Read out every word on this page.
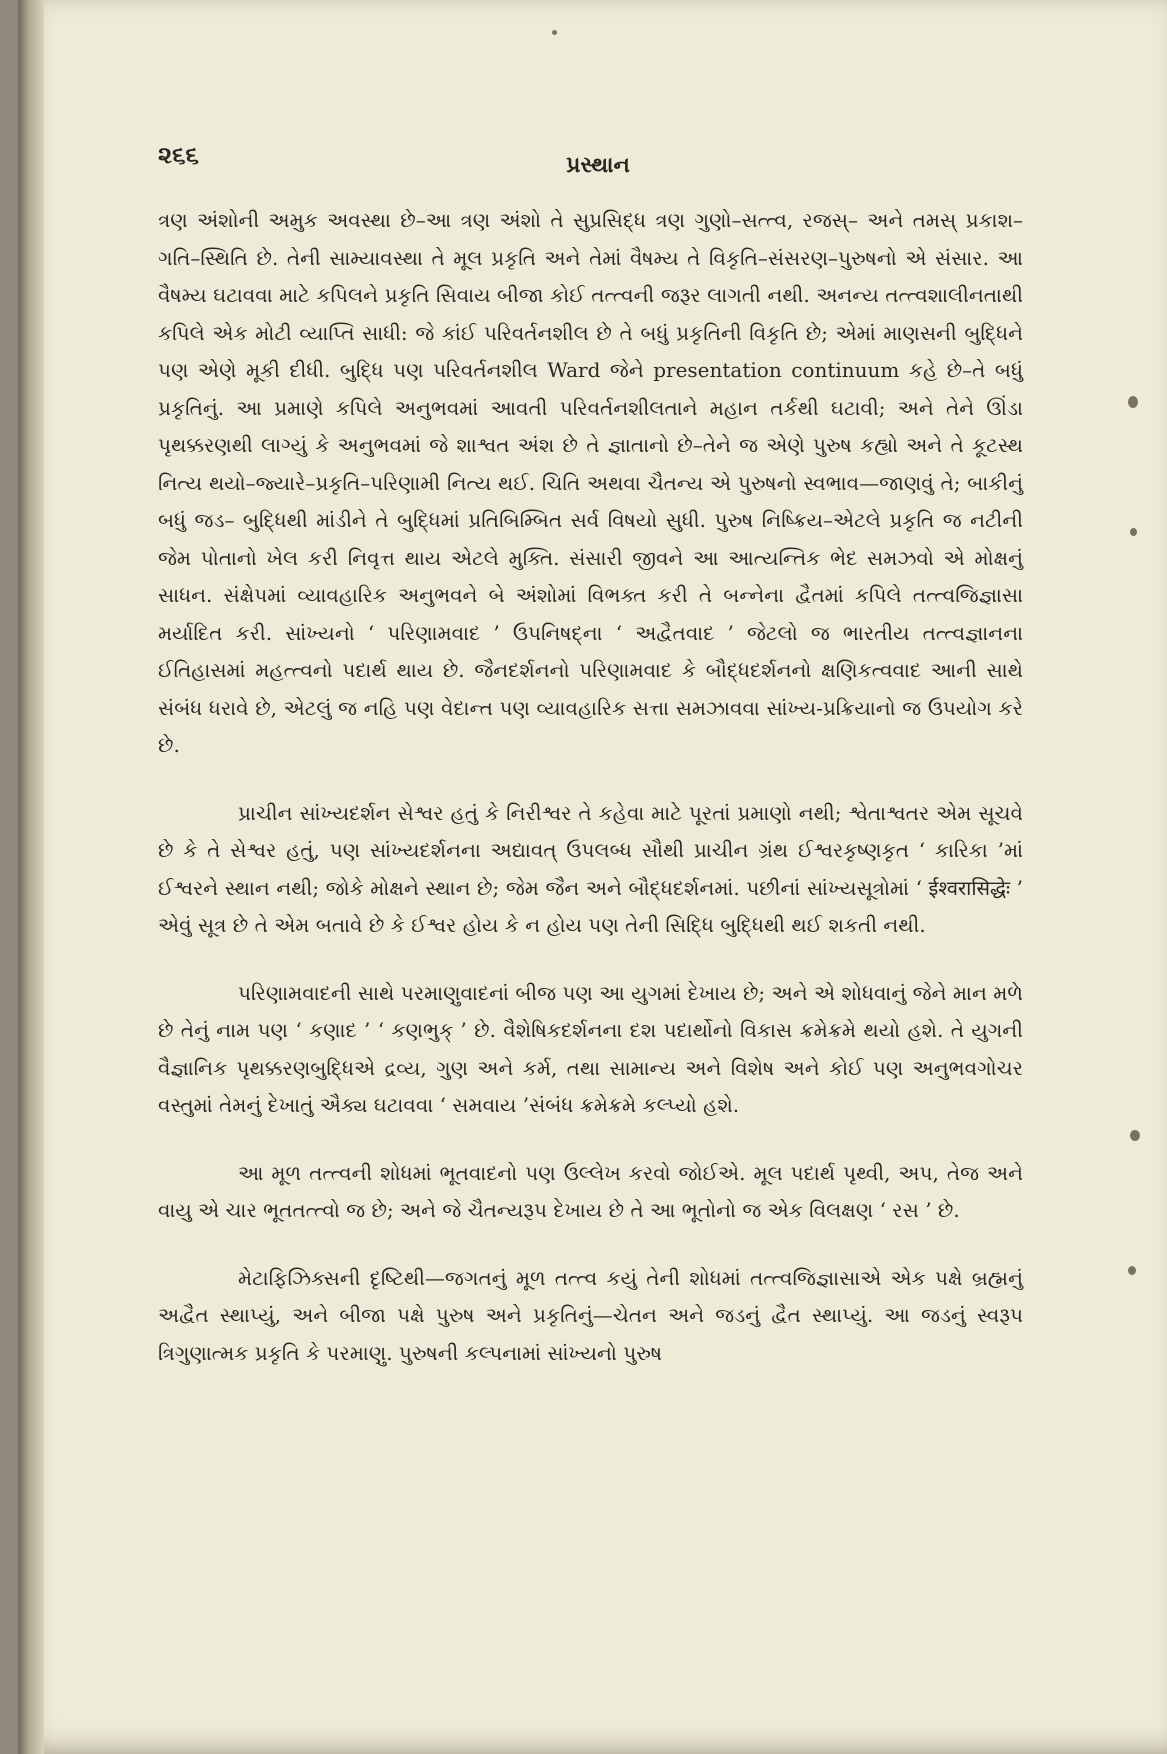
૨૬૬	પ્રસ્થાન

ત્રણ અંશોની અમુક અવસ્થા છે–આ ત્રણ અંશો તે સુપ્રસિદ્ધ ત્રણ ગુણો–સત્ત્વ, રજસ્– અને તમસ્ પ્રકાશ–ગતિ–સ્થિતિ છે. તેની સામ્યાવસ્થા તે મૂલ પ્રકૃતિ અને તેમાં વૈષમ્ય તે વિકૃતિ–સંસરણ–પુરુષનો એ સંસાર. આ વૈષમ્ય ઘટાવવા માટે કપિલને પ્રકૃતિ સિવાય બીજા કોઈ તત્ત્વની જરૂર લાગતી નથી. અનન્ય તત્ત્વશાલીનતાથી કપિલે એક મોટી વ્યાપ્તિ સાધી: જે કાંઈ પરિવર્તનશીલ છે તે બધું પ્રકૃતિની વિકૃતિ છે; એમાં માણસની બુદ્ધિને પણ એણે મૂકી દીધી. બુદ્ધિ પણ પરિવર્તનશીલ Ward જેને presentation continuum કહે છે–તે બધું પ્રકૃતિનું. આ પ્રમાણે કપિલે અનુભવમાં આવતી પરિવર્તનશીલતાને મહાન તર્કથી ઘટાવી; અને તેને ઊંડા પૃથક્કરણથી લાગ્યું કે અનુભવમાં જે શાશ્વત અંશ છે તે જ્ઞાતાનો છે–તેને જ એણે પુરુષ કહ્યો અને તે કૂટસ્થ નિત્ય થયો–જ્યારે–પ્રકૃતિ–પરિણામી નિત્ય થઈ. ચિતિ અથવા ચૈતન્ય એ પુરુષનો સ્વભાવ—જાણવું તે; બાકીનું બધું જડ– બુદ્ધિથી માંડીને તે બુદ્ધિમાં પ્રતિબિમ્બિત સર્વ વિષયો સુધી. પુરુષ નિષ્ક્રિય–એટલે પ્રકૃતિ જ નટીની જેમ પોતાનો ખેલ કરી નિવૃત્ત થાય એટલે મુક્તિ. સંસારી જીવને આ આત્યન્તિક ભેદ સમઝવો એ મોક્ષનું સાધન. સંક્ષેપમાં વ્યાવહારિક અનુભવને બે અંશોમાં વિભક્ત કરી તે બન્નેના દ્વૈતમાં કપિલે તત્ત્વજિજ્ઞાસા મર્યાદિત કરી. સાંખ્યનો ‘ પરિણામવાદ ’ ઉપનિષદ્‌ના ‘ અદ્વૈતવાદ ’ જેટલો જ ભારતીય તત્ત્વજ્ઞાનના ઈતિહાસમાં મહત્ત્વનો પદાર્થ થાય છે. જૈનદર્શનનો પરિણામવાદ કે બૌદ્ધદર્શનનો ક્ષણિકત્વવાદ આની સાથે સંબંધ ધરાવે છે, એટલું જ નહિ પણ વેદાન્ત પણ વ્યાવહારિક સત્તા સમઝાવવા સાંખ્ય-પ્રક્રિયાનો જ ઉપયોગ કરે છે.

પ્રાચીન સાંખ્યદર્શન સેશ્વર હતું કે નિરીશ્વર તે કહેવા માટે પૂરતાં પ્રમાણો નથી; શ્વેતાશ્વતર એમ સૂચવે છે કે તે સેશ્વર હતું, પણ સાંખ્યદર્શનના અદ્યાવત્ ઉપલબ્ધ સૌથી પ્રાચીન ગ્રંથ ઈશ્વરકૃષ્ણકૃત ‘ કારિકા ’માં ઈશ્વરને સ્થાન નથી; જોકે મોક્ષને સ્થાન છે; જેમ જૈન અને બૌદ્ધદર્શનમાં. પછીનાં સાંખ્યસૂત્રોમાં ‘ ईश्वरासिद्धेः ’ એવું સૂત્ર છે તે એમ બતાવે છે કે ઈશ્વર હોય કે ન હોય પણ તેની સિદ્ધિ બુદ્ધિથી થઈ શકતી નથી.

પરિણામવાદની સાથે પરમાણુવાદનાં બીજ પણ આ યુગમાં દેખાય છે; અને એ શોધવાનું જેને માન મળે છે તેનું નામ પણ ‘ કણાદ ’ ‘ કણભુક્ ’ છે. વૈશેષિકદર્શનના દશ પદાર્થોનો વિકાસ ક્રમેક્રમે થયો હશે. તે યુગની વૈજ્ઞાનિક પૃથક્કરણબુદ્ધિએ દ્રવ્ય, ગુણ અને કર્મ, તથા સામાન્ય અને વિશેષ અને કોઈ પણ અનુભવગોચર વસ્તુમાં તેમનું દેખાતું ઐક્ય ઘટાવવા ‘ સમવાય ’સંબંધ ક્રમેક્રમે કલ્પ્યો હશે.

આ મૂળ તત્ત્વની શોધમાં ભૂતવાદનો પણ ઉલ્લેખ કરવો જોઈએ. મૂલ પદાર્થ પૃથ્વી, અપ, તેજ અને વાયુ એ ચાર ભૂતતત્ત્વો જ છે; અને જે ચૈતન્યરૂપ દેખાય છે તે આ ભૂતોનો જ એક વિલક્ષણ ‘ રસ ’ છે.

મેટાફિઝિક્સની દૃષ્ટિથી—જગતનું મૂળ તત્ત્વ કયું તેની શોધમાં તત્ત્વજિજ્ઞાસાએ એક પક્ષે બ્રહ્મનું અદ્વૈત સ્થાપ્યું, અને બીજા પક્ષે પુરુષ અને પ્રકૃતિનું—ચેતન અને જડનું દ્વૈત સ્થાપ્યું. આ જડનું સ્વરૂપ ત્રિગુણાત્મક પ્રકૃતિ કે પરમાણુ. પુરુષની કલ્પનામાં સાંખ્યનો પુરુષ
